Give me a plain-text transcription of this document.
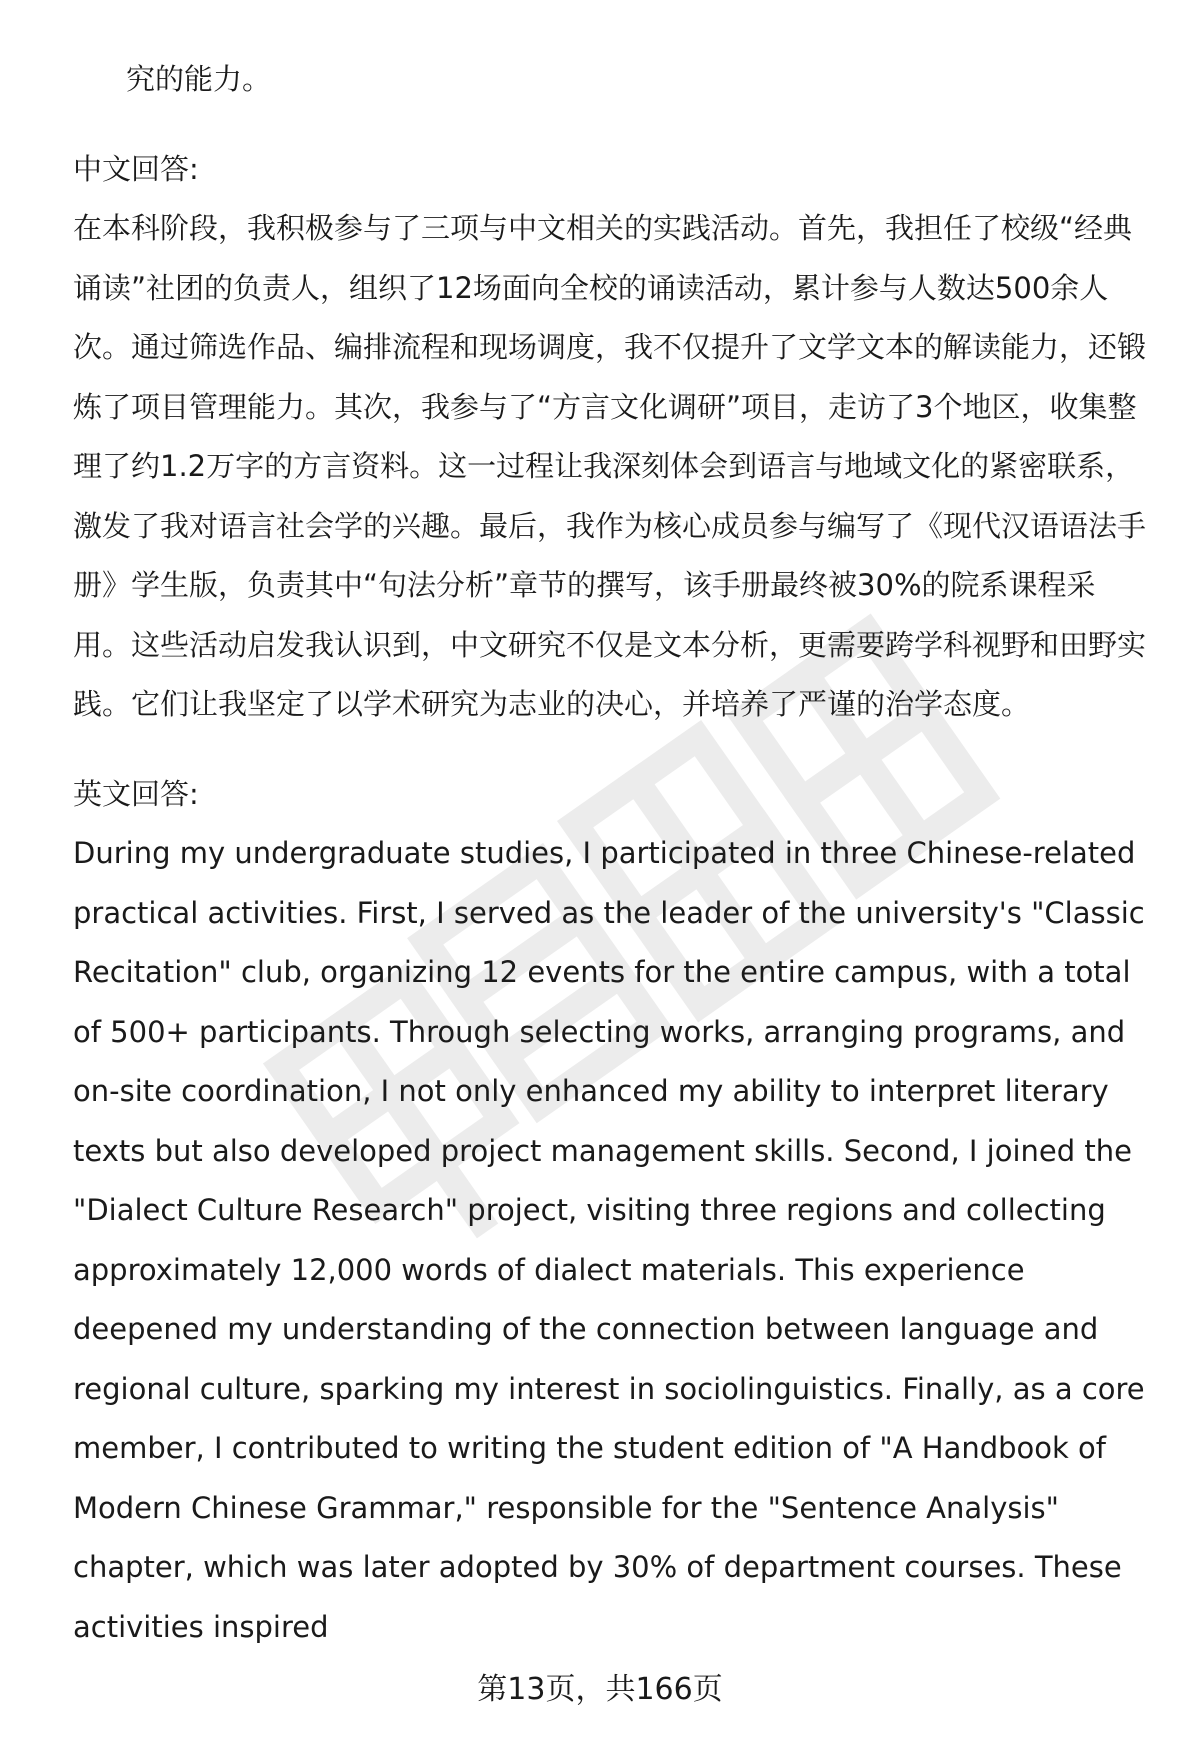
究的能力。

中文回答:

在本科阶段，我积极参与了三项与中文相关的实践活动。首先，我担任了校级“经典诵读”社团的负责人，组织了12场面向全校的诵读活动，累计参与人数达500余人次。通过筛选作品、编排流程和现场调度，我不仅提升了文学文本的解读能力，还锻炼了项目管理能力。其次，我参与了“方言文化调研”项目，走访了3个地区，收集整理了约1.2万字的方言资料。这一过程让我深刻体会到语言与地域文化的紧密联系，激发了我对语言社会学的兴趣。最后，我作为核心成员参与编写了《现代汉语语法手册》学生版，负责其中“句法分析”章节的撰写，该手册最终被30%的院系课程采用。这些活动启发我认识到，中文研究不仅是文本分析，更需要跨学科视野和田野实践。它们让我坚定了以学术研究为志业的决心，并培养了严谨的治学态度。

英文回答:

During my undergraduate studies, I participated in three Chinese-related practical activities. First, I served as the leader of the university's "Classic Recitation" club, organizing 12 events for the entire campus, with a total of 500+ participants. Through selecting works, arranging programs, and on-site coordination, I not only enhanced my ability to interpret literary texts but also developed project management skills. Second, I joined the "Dialect Culture Research" project, visiting three regions and collecting approximately 12,000 words of dialect materials. This experience deepened my understanding of the connection between language and regional culture, sparking my interest in sociolinguistics. Finally, as a core member, I contributed to writing the student edition of "A Handbook of Modern Chinese Grammar," responsible for the "Sentence Analysis" chapter, which was later adopted by 30% of department courses. These activities inspired

第13页，共166页
